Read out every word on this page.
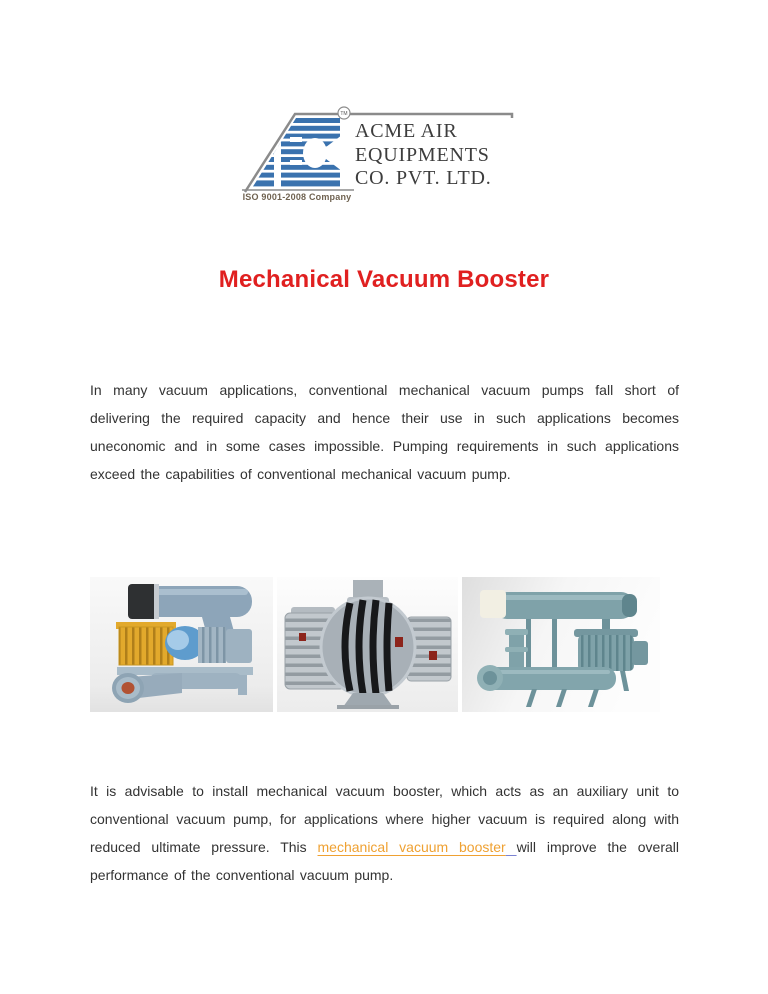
TM
ACME AIR
EQUIPMENTS
CO. PVT. LTD.
ISO 9001-2008 Company
Mechanical Vacuum Booster

In many vacuum applications, conventional mechanical vacuum pumps fall short of delivering the required capacity and hence their use in such applications becomes uneconomic and in some cases impossible. Pumping requirements in such applications exceed the capabilities of conventional mechanical vacuum pump.

It is advisable to install mechanical vacuum booster, which acts as an auxiliary unit to conventional vacuum pump, for applications where higher vacuum is required along with reduced ultimate pressure. This mechanical vacuum booster will improve the overall performance of the conventional vacuum pump.
